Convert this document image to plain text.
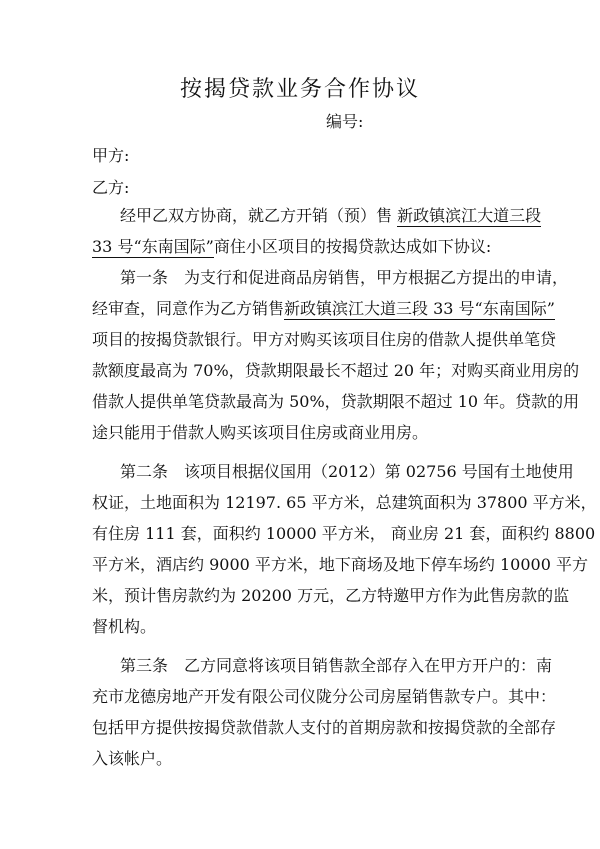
按揭贷款业务合作协议
编号:
甲方:
乙方:
经甲乙双方协商，就乙方开销（预）售 新政镇滨江大道三段
33 号“东南国际”商住小区项目的按揭贷款达成如下协议:
第一条　为支行和促进商品房销售，甲方根据乙方提出的申请，
经审查，同意作为乙方销售新政镇滨江大道三段 33 号“东南国际”
项目的按揭贷款银行。甲方对购买该项目住房的借款人提供单笔贷
款额度最高为 70%，贷款期限最长不超过 20 年；对购买商业用房的
借款人提供单笔贷款最高为 50%，贷款期限不超过 10 年。贷款的用
途只能用于借款人购买该项目住房或商业用房。
第二条　该项目根据仪国用（2012）第 02756 号国有土地使用
权证，土地面积为 12197. 65 平方米，总建筑面积为 37800 平方米，
有住房 111 套，面积约 10000 平方米， 商业房 21 套，面积约 8800
平方米，酒店约 9000 平方米，地下商场及地下停车场约 10000 平方
米，预计售房款约为 20200 万元，乙方特邀甲方作为此售房款的监
督机构。
第三条　乙方同意将该项目销售款全部存入在甲方开户的：南
充市龙德房地产开发有限公司仪陇分公司房屋销售款专户。其中：
包括甲方提供按揭贷款借款人支付的首期房款和按揭贷款的全部存
入该帐户。
